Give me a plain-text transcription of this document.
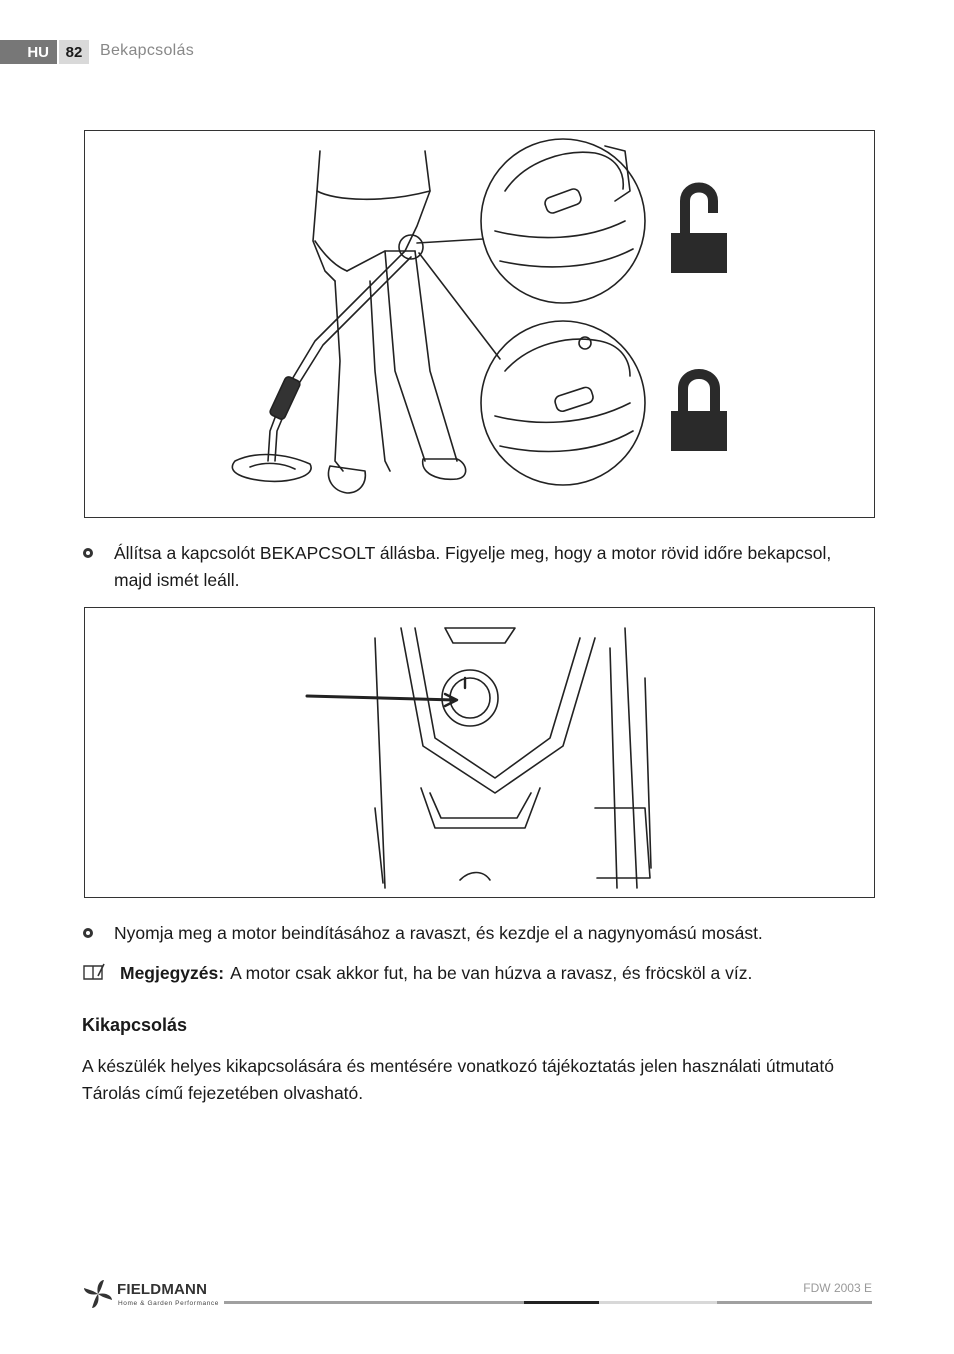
HU	82	Bekapcsolás
Állítsa a kapcsolót BEKAPCSOLT állásba. Figyelje meg, hogy a motor rövid időre bekapcsol, majd ismét leáll.
Nyomja meg a motor beindításához a ravaszt, és kezdje el a nagynyomású mosást.
Megjegyzés: A motor csak akkor fut, ha be van húzva a ravasz, és fröcsköl a víz.
Kikapcsolás
A készülék helyes kikapcsolására és mentésére vonatkozó tájékoztatás jelen használati útmutató Tárolás című fejezetében olvasható.
FIELDMANN
Home & Garden Performance
FDW 2003 E
